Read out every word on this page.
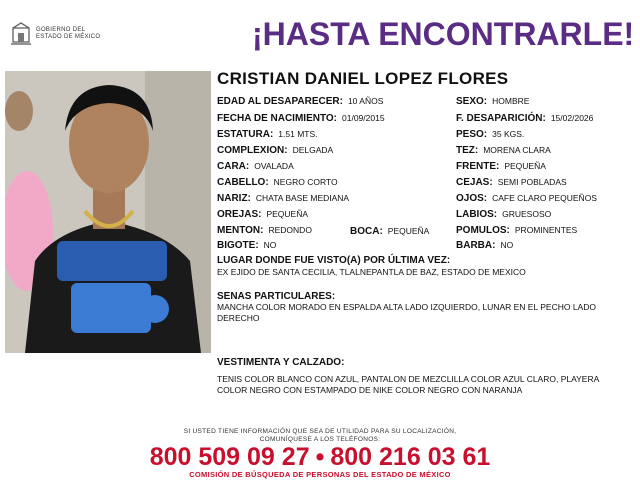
GOBIERNO DEL
ESTADO DE MÉXICO	¡HASTA ENCONTRARLE!
CRISTIAN DANIEL LOPEZ FLORES
EDAD AL DESAPARECER: 10 AÑOS
FECHA DE NACIMIENTO: 01/09/2015
ESTATURA: 1.51 MTS.
COMPLEXION: DELGADA
CARA: OVALADA
CABELLO: NEGRO CORTO
NARIZ: CHATA BASE MEDIANA
OREJAS: PEQUEÑA
MENTON: REDONDO
BIGOTE: NO
BOCA: PEQUEÑA
SEXO: HOMBRE
F. DESAPARICIÓN: 15/02/2026
PESO: 35 KGS.
TEZ: MORENA CLARA
FRENTE: PEQUEÑA
CEJAS: SEMI POBLADAS
OJOS: CAFE CLARO PEQUEÑOS
LABIOS: GRUESOSO
POMULOS: PROMINENTES
BARBA: NO
LUGAR DONDE FUE VISTO(A) POR ÚLTIMA VEZ:
EX EJIDO DE SANTA CECILIA, TLALNEPANTLA DE BAZ, ESTADO DE MEXICO
SENAS PARTICULARES:
MANCHA COLOR MORADO EN ESPALDA ALTA LADO IZQUIERDO, LUNAR EN EL PECHO LADO DERECHO
VESTIMENTA Y CALZADO:
TENIS COLOR BLANCO CON AZUL, PANTALON DE MEZCLILLA COLOR AZUL CLARO, PLAYERA COLOR NEGRO CON ESTAMPADO DE NIKE COLOR NEGRO CON NARANJA
SI USTED TIENE INFORMACIÓN QUE SEA DE UTILIDAD PARA SU LOCALIZACIÓN,
COMUNÍQUESE A LOS TELÉFONOS:
800 509 09 27 • 800 216 03 61
COMISIÓN DE BÚSQUEDA DE PERSONAS DEL ESTADO DE MÉXICO
